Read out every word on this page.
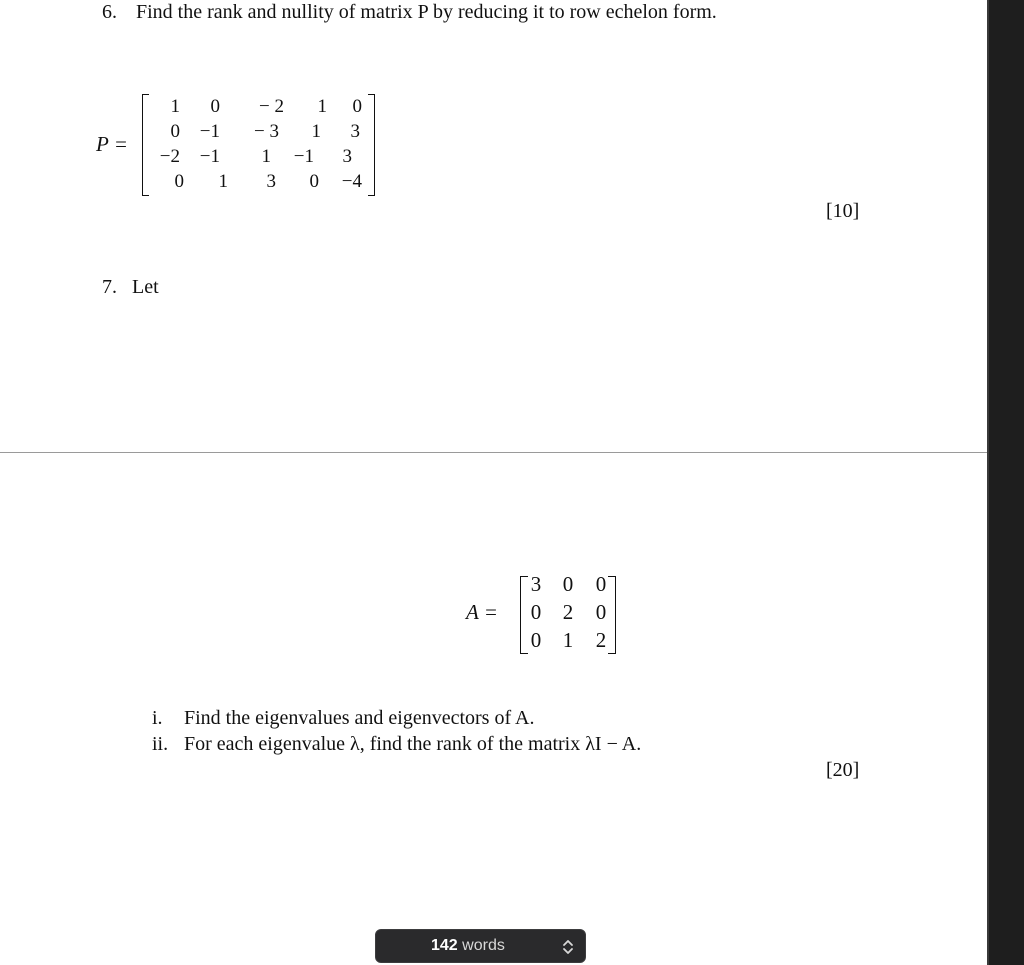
6. Find the rank and nullity of matrix P by reducing it to row echelon form.
P =
1	0	− 2	1	0
0	−1	− 3	1	3
−2	−1	1	−1	3
0	1	3	0	−4
[10]
7. Let
A =
3 0 0
0 2 0
0 1 2
i. Find the eigenvalues and eigenvectors of A.
ii. For each eigenvalue λ, find the rank of the matrix λI − A.
[20]
142 words
